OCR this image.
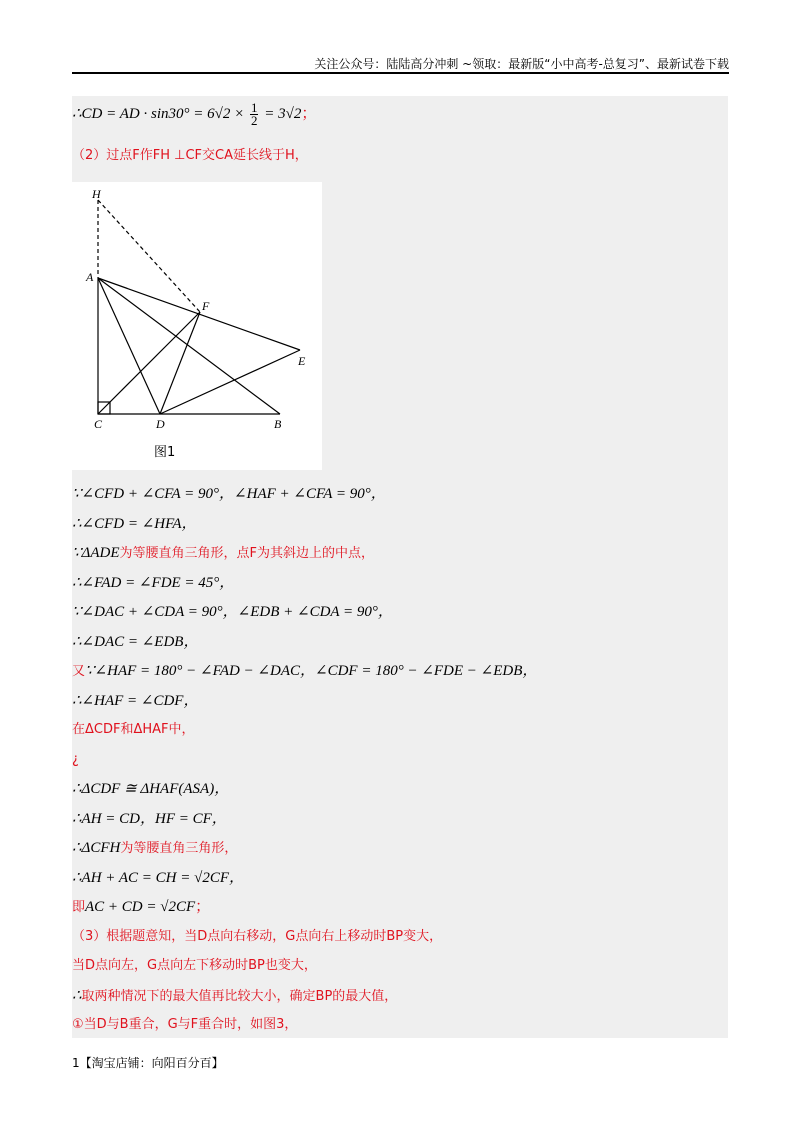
关注公众号：陆陆高分冲刺 ~领取：最新版“小中高考-总复习”、最新试卷下载
∴CD = AD · $\sin 30^\circ = 6√2 \times \frac{1}{2} = 3√2$；
（2）过点F作FH ⊥CF交CA延长线于H，
H
A
F
E
C	D	B
图1
∵∠CFD + ∠CFA = 90°，∠HAF + ∠CFA = 90°，
∴∠CFD = ∠HFA，
∵ΔADE为等腰直角三角形，点F为其斜边上的中点，
∴∠FAD = ∠FDE = 45°，
∵∠DAC + ∠CDA = 90°，∠EDB + ∠CDA = 90°，
∴∠DAC = ∠EDB，
又∵∠HAF = 180° − ∠FAD − ∠DAC，∠CDF = 180° − ∠FDE − ∠EDB，
∴∠HAF = ∠CDF，
在ΔCDF和ΔHAF中，
¿
∴ΔCDF ≅ ΔHAF(ASA)，
∴AH = CD，HF = CF，
∴ΔCFH为等腰直角三角形，
∴AH + AC = CH = √2CF，
即AC + CD = √2CF；
（3）根据题意知，当D点向右移动，G点向右上移动时BP变大，
当D点向左，G点向左下移动时BP也变大，
∴取两种情况下的最大值再比较大小，确定BP的最大值，
①当D与B重合，G与F重合时，如图3，
1【淘宝店铺：向阳百分百】
